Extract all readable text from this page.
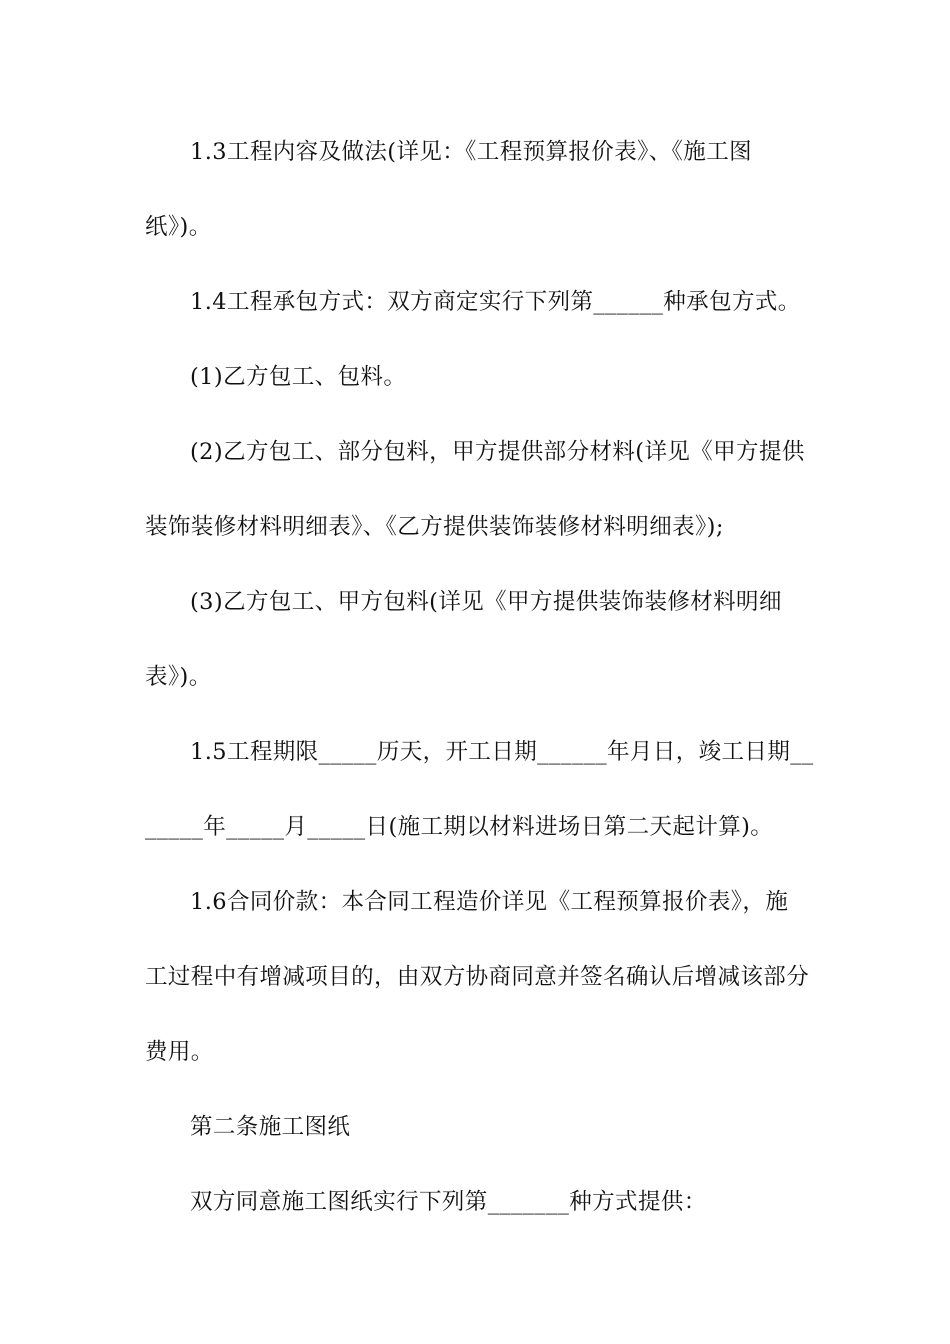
1.3工程内容及做法(详见：《工程预算报价表》、《施工图
纸》)。
1.4工程承包方式：双方商定实行下列第______种承包方式。
(1)乙方包工、包料。
(2)乙方包工、部分包料，甲方提供部分材料(详见《甲方提供
装饰装修材料明细表》、《乙方提供装饰装修材料明细表》);
(3)乙方包工、甲方包料(详见《甲方提供装饰装修材料明细
表》)。
1.5工程期限_____历天，开工日期______年月日，竣工日期__
_____年_____月_____日(施工期以材料进场日第二天起计算)。
1.6合同价款：本合同工程造价详见《工程预算报价表》，施
工过程中有增减项目的，由双方协商同意并签名确认后增减该部分
费用。
第二条施工图纸
双方同意施工图纸实行下列第_______种方式提供：
